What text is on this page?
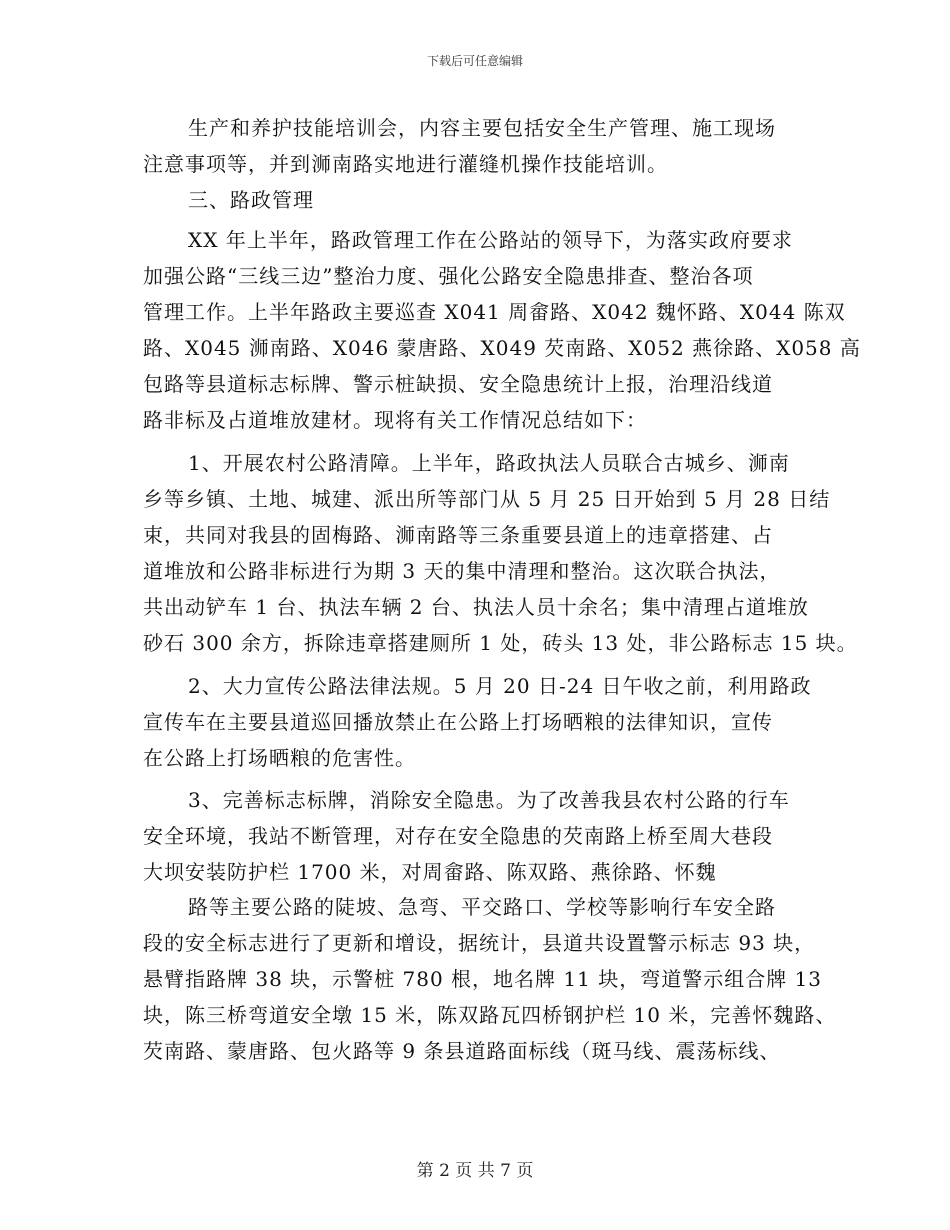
下载后可任意编辑
生产和养护技能培训会，内容主要包括安全生产管理、施工现场
注意事项等，并到浉南路实地进行灌缝机操作技能培训。
三、路政管理
XX 年上半年，路政管理工作在公路站的领导下，为落实政府要求
加强公路“三线三边”整治力度、强化公路安全隐患排查、整治各项
管理工作。上半年路政主要巡查 X041 周畲路、X042 魏怀路、X044 陈双
路、X045 浉南路、X046 蒙唐路、X049 芡南路、X052 燕徐路、X058 高
包路等县道标志标牌、警示桩缺损、安全隐患统计上报，治理沿线道
路非标及占道堆放建材。现将有关工作情况总结如下：
1、开展农村公路清障。上半年，路政执法人员联合古城乡、浉南
乡等乡镇、土地、城建、派出所等部门从 5 月 25 日开始到 5 月 28 日结
束，共同对我县的固梅路、浉南路等三条重要县道上的违章搭建、占
道堆放和公路非标进行为期 3 天的集中清理和整治。这次联合执法，
共出动铲车 1 台、执法车辆 2 台、执法人员十余名；集中清理占道堆放
砂石 300 余方，拆除违章搭建厕所 1 处，砖头 13 处，非公路标志 15 块。
2、大力宣传公路法律法规。5 月 20 日-24 日午收之前，利用路政
宣传车在主要县道巡回播放禁止在公路上打场晒粮的法律知识，宣传
在公路上打场晒粮的危害性。
3、完善标志标牌，消除安全隐患。为了改善我县农村公路的行车
安全环境，我站不断管理，对存在安全隐患的芡南路上桥至周大巷段
大坝安装防护栏 1700 米，对周畲路、陈双路、燕徐路、怀魏
路等主要公路的陡坡、急弯、平交路口、学校等影响行车安全路
段的安全标志进行了更新和增设，据统计，县道共设置警示标志 93 块，
悬臂指路牌 38 块，示警桩 780 根，地名牌 11 块，弯道警示组合牌 13
块，陈三桥弯道安全墩 15 米，陈双路瓦四桥钢护栏 10 米，完善怀魏路、
芡南路、蒙唐路、包火路等 9 条县道路面标线（斑马线、震荡标线、
第 2 页 共 7 页
